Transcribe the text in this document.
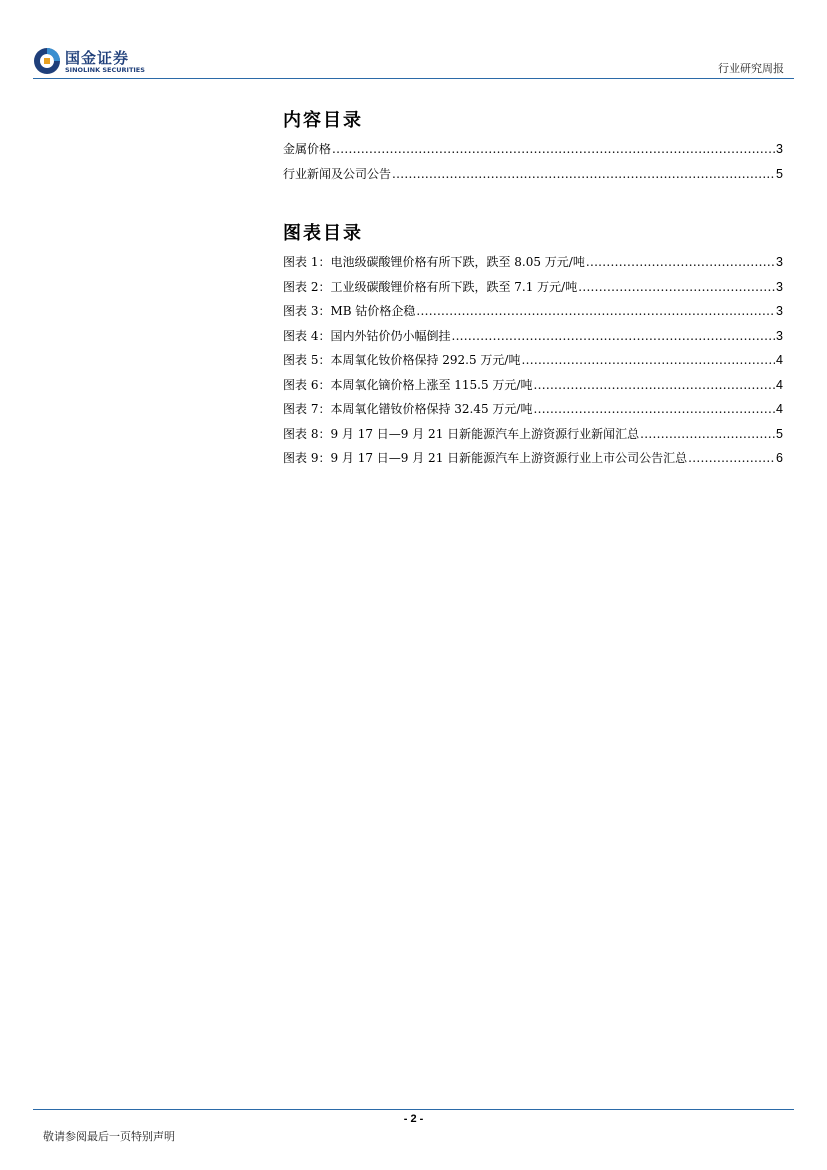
国金证券
SINOLINK SECURITIES	行业研究周报
内容目录
金属价格 .....	3
行业新闻及公司公告 .....	5
图表目录
图表 1：电池级碳酸锂价格有所下跌，跌至 8.05 万元/吨 .....	3
图表 2：工业级碳酸锂价格有所下跌，跌至 7.1 万元/吨 .....	3
图表 3：MB 钴价格企稳 .....	3
图表 4：国内外钴价仍小幅倒挂 .....	3
图表 5：本周氧化钕价格保持 292.5 万元/吨 .....	4
图表 6：本周氧化镝价格上涨至 115.5 万元/吨 .....	4
图表 7：本周氧化镨钕价格保持 32.45 万元/吨 .....	4
图表 8：9 月 17 日—9 月 21 日新能源汽车上游资源行业新闻汇总 .....	5
图表 9：9 月 17 日—9 月 21 日新能源汽车上游资源行业上市公司公告汇总 .....	6
- 2 -
敬请参阅最后一页特别声明
